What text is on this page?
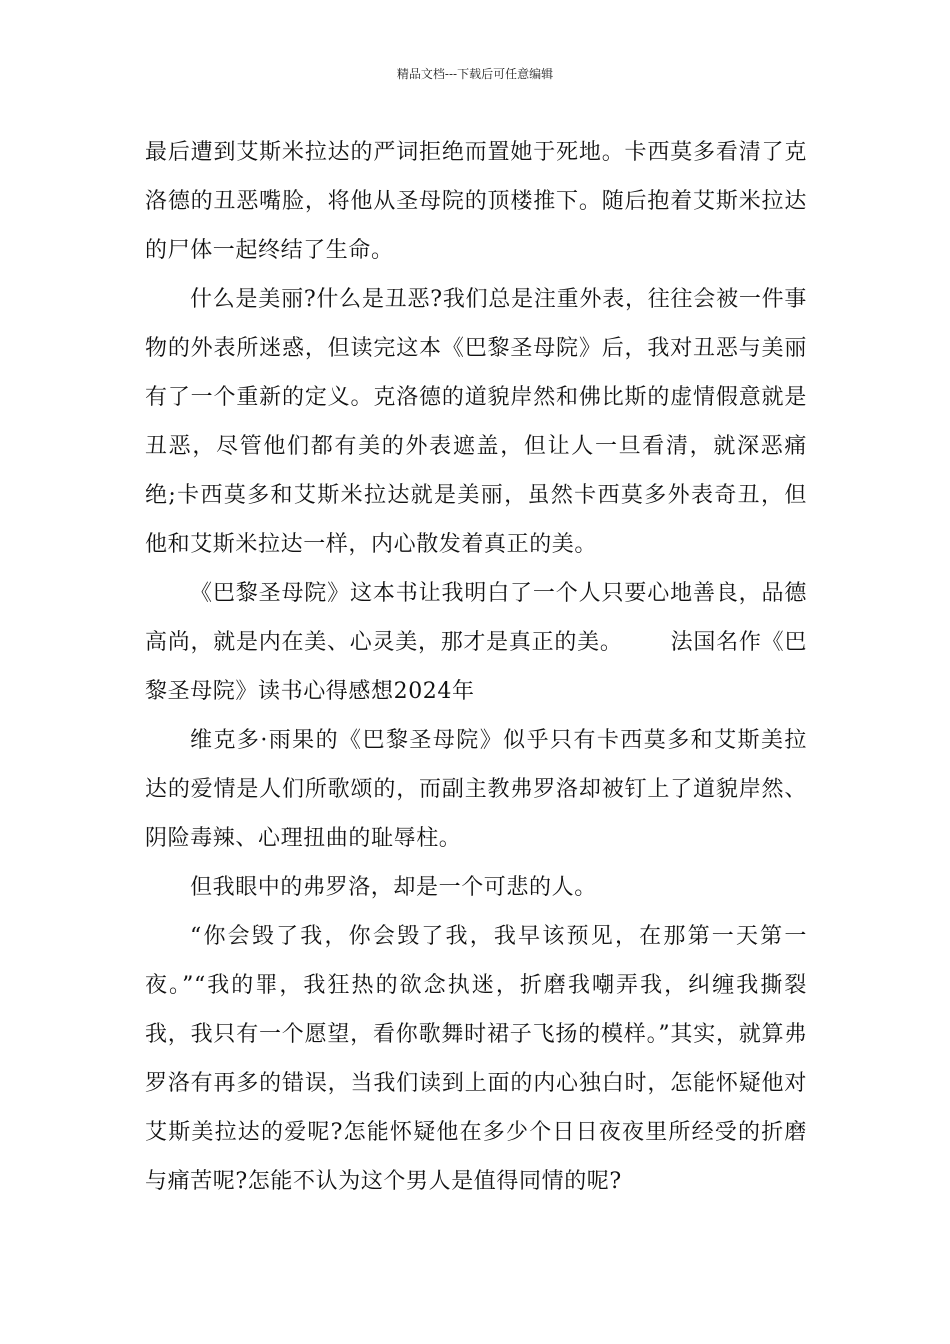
精品文档---下载后可任意编辑

最后遭到艾斯米拉达的严词拒绝而置她于死地。卡西莫多看清了克洛德的丑恶嘴脸，将他从圣母院的顶楼推下。随后抱着艾斯米拉达的尸体一起终结了生命。

什么是美丽?什么是丑恶?我们总是注重外表，往往会被一件事物的外表所迷惑，但读完这本《巴黎圣母院》后，我对丑恶与美丽有了一个重新的定义。克洛德的道貌岸然和佛比斯的虚情假意就是丑恶，尽管他们都有美的外表遮盖，但让人一旦看清，就深恶痛绝;卡西莫多和艾斯米拉达就是美丽，虽然卡西莫多外表奇丑，但他和艾斯米拉达一样，内心散发着真正的美。

《巴黎圣母院》这本书让我明白了一个人只要心地善良，品德高尚，就是内在美、心灵美，那才是真正的美。 法国名作《巴黎圣母院》读书心得感想2024年

维克多·雨果的《巴黎圣母院》似乎只有卡西莫多和艾斯美拉达的爱情是人们所歌颂的，而副主教弗罗洛却被钉上了道貌岸然、阴险毒辣、心理扭曲的耻辱柱。

但我眼中的弗罗洛，却是一个可悲的人。

“你会毁了我，你会毁了我，我早该预见，在那第一天第一夜。”“我的罪，我狂热的欲念执迷，折磨我嘲弄我，纠缠我撕裂我，我只有一个愿望，看你歌舞时裙子飞扬的模样。”其实，就算弗罗洛有再多的错误，当我们读到上面的内心独白时，怎能怀疑他对艾斯美拉达的爱呢?怎能怀疑他在多少个日日夜夜里所经受的折磨与痛苦呢?怎能不认为这个男人是值得同情的呢?
